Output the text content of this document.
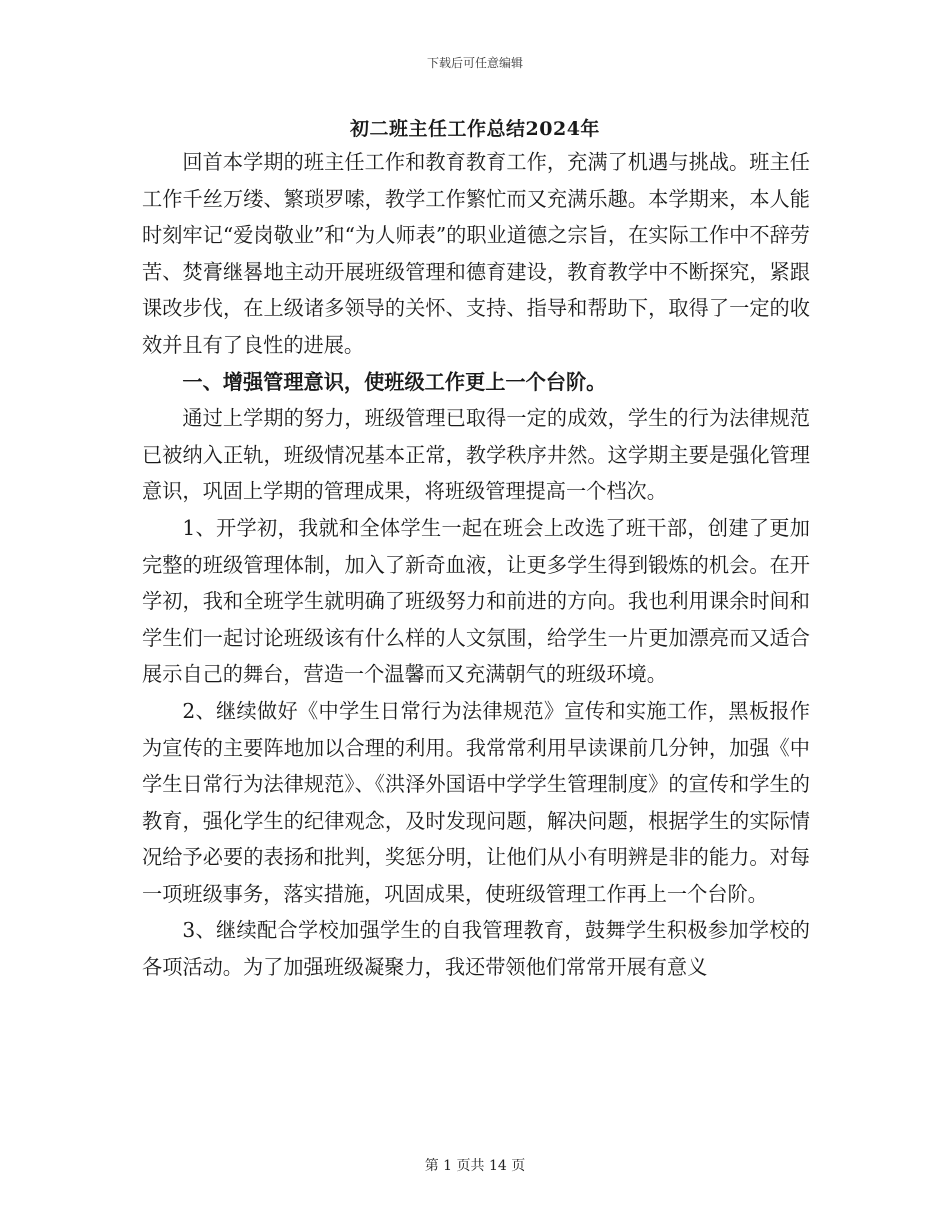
下载后可任意编辑
初二班主任工作总结2024年

回首本学期的班主任工作和教育教育工作，充满了机遇与挑战。班主任工作千丝万缕、繁琐罗嗦，教学工作繁忙而又充满乐趣。本学期来，本人能时刻牢记“爱岗敬业”和“为人师表”的职业道德之宗旨，在实际工作中不辞劳苦、焚膏继晷地主动开展班级管理和德育建设，教育教学中不断探究，紧跟课改步伐，在上级诸多领导的关怀、支持、指导和帮助下，取得了一定的收效并且有了良性的进展。

一、增强管理意识，使班级工作更上一个台阶。

通过上学期的努力，班级管理已取得一定的成效，学生的行为法律规范已被纳入正轨，班级情况基本正常，教学秩序井然。这学期主要是强化管理意识，巩固上学期的管理成果，将班级管理提高一个档次。

1、开学初，我就和全体学生一起在班会上改选了班干部，创建了更加完整的班级管理体制，加入了新奇血液，让更多学生得到锻炼的机会。在开学初，我和全班学生就明确了班级努力和前进的方向。我也利用课余时间和学生们一起讨论班级该有什么样的人文氛围，给学生一片更加漂亮而又适合展示自己的舞台，营造一个温馨而又充满朝气的班级环境。

2、继续做好《中学生日常行为法律规范》宣传和实施工作，黑板报作为宣传的主要阵地加以合理的利用。我常常利用早读课前几分钟，加强《中学生日常行为法律规范》、《洪泽外国语中学学生管理制度》的宣传和学生的教育，强化学生的纪律观念，及时发现问题，解决问题，根据学生的实际情况给予必要的表扬和批判，奖惩分明，让他们从小有明辨是非的能力。对每一项班级事务，落实措施，巩固成果，使班级管理工作再上一个台阶。

3、继续配合学校加强学生的自我管理教育，鼓舞学生积极参加学校的各项活动。为了加强班级凝聚力，我还带领他们常常开展有意义

第 1 页共 14 页
